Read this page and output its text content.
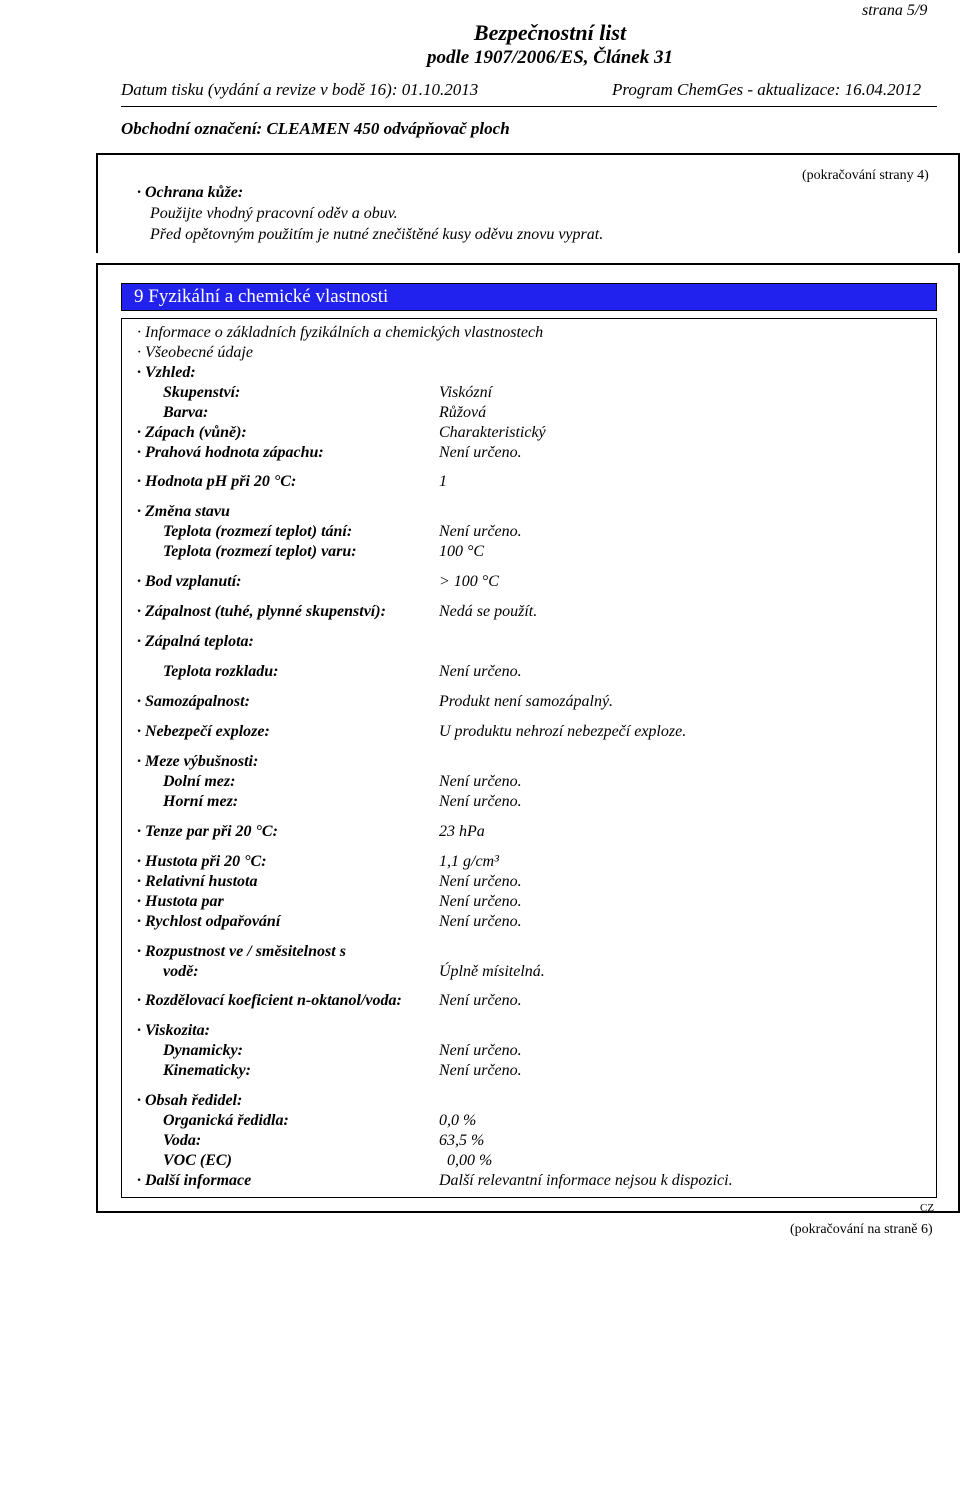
strana 5/9
Bezpečnostní list
podle 1907/2006/ES, Článek 31
Datum tisku (vydání a revize v bodě 16): 01.10.2013	Program ChemGes - aktualizace: 16.04.2012
Obchodní označení: CLEAMEN 450 odvápňovač ploch
(pokračování strany 4)
· Ochrana kůže:
Použijte vhodný pracovní oděv a obuv.
Před opětovným použitím je nutné znečištěné kusy oděvu znovu vyprat.
9 Fyzikální a chemické vlastnosti
· Informace o základních fyzikálních a chemických vlastnostech
· Všeobecné údaje
· Vzhled:
Skupenství:	Viskózní
Barva:	Růžová
· Zápach (vůně):	Charakteristický
· Prahová hodnota zápachu:	Není určeno.
· Hodnota pH při 20 °C:	1
· Změna stavu
Teplota (rozmezí teplot) tání:	Není určeno.
Teplota (rozmezí teplot) varu:	100 °C
· Bod vzplanutí:	> 100 °C
· Zápalnost (tuhé, plynné skupenství):	Nedá se použít.
· Zápalná teplota:
Teplota rozkladu:	Není určeno.
· Samozápalnost:	Produkt není samozápalný.
· Nebezpečí exploze:	U produktu nehrozí nebezpečí exploze.
· Meze výbušnosti:
Dolní mez:	Není určeno.
Horní mez:	Není určeno.
· Tenze par při 20 °C:	23 hPa
· Hustota při 20 °C:	1,1 g/cm³
· Relativní hustota	Není určeno.
· Hustota par	Není určeno.
· Rychlost odpařování	Není určeno.
· Rozpustnost ve / směsitelnost s
vodě:	Úplně mísitelná.
· Rozdělovací koeficient n-oktanol/voda: Není určeno.
· Viskozita:
Dynamicky:	Není určeno.
Kinematicky:	Není určeno.
· Obsah ředidel:
Organická ředidla:	0,0 %
Voda:	63,5 %
VOC (EC)	0,00 %
· Další informace	Další relevantní informace nejsou k dispozici.
CZ
(pokračování na straně 6)
